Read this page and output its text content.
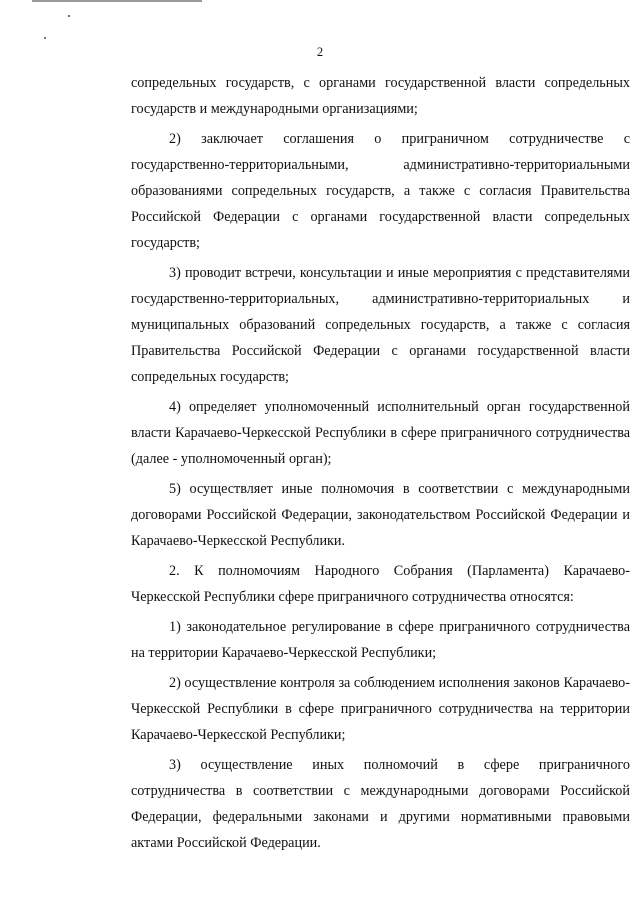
2

сопредельных государств, с органами государственной власти сопредельных государств и международными организациями;

2) заключает соглашения о приграничном сотрудничестве с государственно-территориальными, административно-территориальными образованиями сопредельных государств, а также с согласия Правительства Российской Федерации с органами государственной власти сопредельных государств;

3) проводит встречи, консультации и иные мероприятия с представителями государственно-территориальных, административно-территориальных и муниципальных образований сопредельных государств, а также с согласия Правительства Российской Федерации с органами государственной власти сопредельных государств;

4) определяет уполномоченный исполнительный орган государственной власти Карачаево-Черкесской Республики в сфере приграничного сотрудничества (далее - уполномоченный орган);

5) осуществляет иные полномочия в соответствии с международными договорами Российской Федерации, законодательством Российской Федерации и Карачаево-Черкесской Республики.

2. К полномочиям Народного Собрания (Парламента) Карачаево-Черкесской Республики сфере приграничного сотрудничества относятся:

1) законодательное регулирование в сфере приграничного сотрудничества на территории Карачаево-Черкесской Республики;

2) осуществление контроля за соблюдением исполнения законов Карачаево-Черкесской Республики в сфере приграничного сотрудничества на территории Карачаево-Черкесской Республики;

3) осуществление иных полномочий в сфере приграничного сотрудничества в соответствии с международными договорами Российской Федерации, федеральными законами и другими нормативными правовыми актами Российской Федерации.
